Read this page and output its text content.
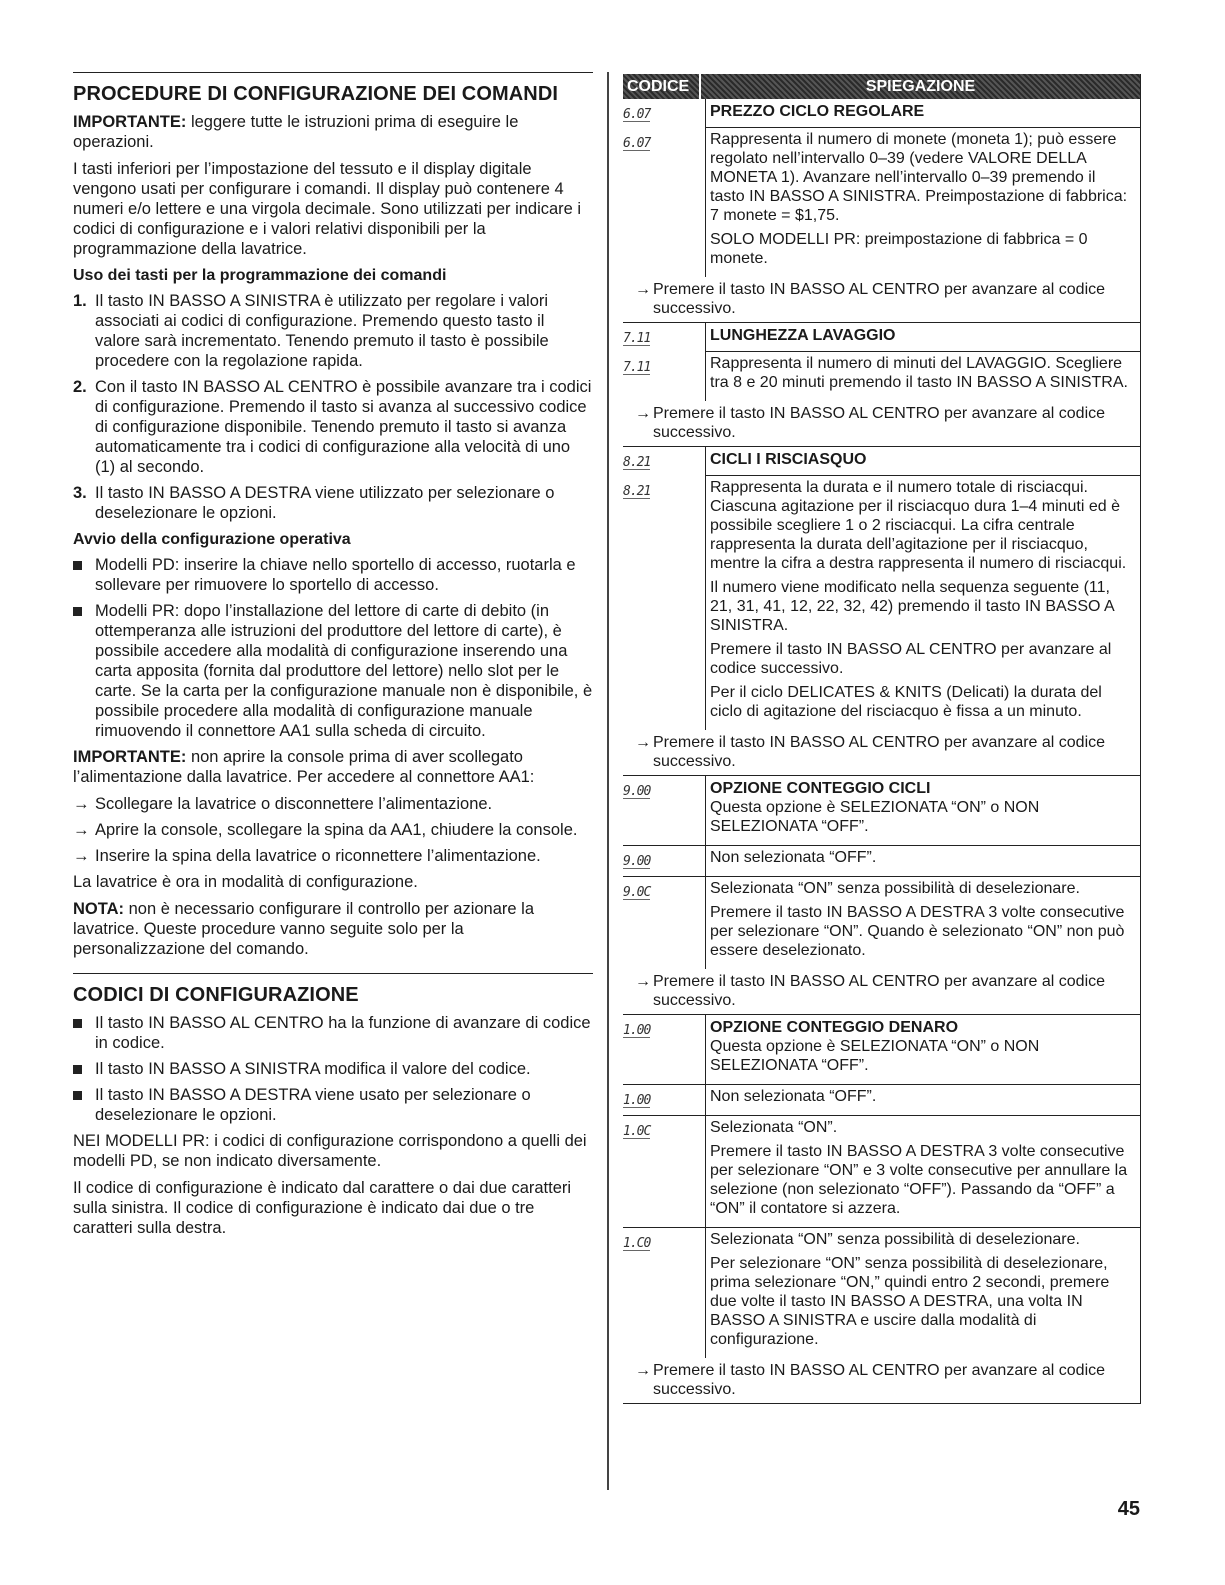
PROCEDURE DI CONFIGURAZIONE DEI COMANDI

IMPORTANTE: leggere tutte le istruzioni prima di eseguire le operazioni.

I tasti inferiori per l’impostazione del tessuto e il display digitale vengono usati per configurare i comandi. Il display può contenere 4 numeri e/o lettere e una virgola decimale. Sono utilizzati per indicare i codici di configurazione e i valori relativi disponibili per la programmazione della lavatrice.

Uso dei tasti per la programmazione dei comandi
1. Il tasto IN BASSO A SINISTRA è utilizzato per regolare i valori associati ai codici di configurazione. Premendo questo tasto il valore sarà incrementato. Tenendo premuto il tasto è possibile procedere con la regolazione rapida.
2. Con il tasto IN BASSO AL CENTRO è possibile avanzare tra i codici di configurazione. Premendo il tasto si avanza al successivo codice di configurazione disponibile. Tenendo premuto il tasto si avanza automaticamente tra i codici di configurazione alla velocità di uno (1) al secondo.
3. Il tasto IN BASSO A DESTRA viene utilizzato per selezionare o deselezionare le opzioni.
Avvio della configurazione operativa
Modelli PD: inserire la chiave nello sportello di accesso, ruotarla e sollevare per rimuovere lo sportello di accesso.
Modelli PR: dopo l’installazione del lettore di carte di debito (in ottemperanza alle istruzioni del produttore del lettore di carte), è possibile accedere alla modalità di configurazione inserendo una carta apposita (fornita dal produttore del lettore) nello slot per le carte. Se la carta per la configurazione manuale non è disponibile, è possibile procedere alla modalità di configurazione manuale rimuovendo il connettore AA1 sulla scheda di circuito.

IMPORTANTE: non aprire la console prima di aver scollegato l’alimentazione dalla lavatrice. Per accedere al connettore AA1:

→ Scollegare la lavatrice o disconnettere l’alimentazione.
→ Aprire la console, scollegare la spina da AA1, chiudere la console.
→ Inserire la spina della lavatrice o riconnettere l’alimentazione.

La lavatrice è ora in modalità di configurazione.

NOTA: non è necessario configurare il controllo per azionare la lavatrice. Queste procedure vanno seguite solo per la personalizzazione del comando.

CODICI DI CONFIGURAZIONE
Il tasto IN BASSO AL CENTRO ha la funzione di avanzare di codice in codice.
Il tasto IN BASSO A SINISTRA modifica il valore del codice.
Il tasto IN BASSO A DESTRA viene usato per selezionare o deselezionare le opzioni.

NEI MODELLI PR: i codici di configurazione corrispondono a quelli dei modelli PD, se non indicato diversamente.

Il codice di configurazione è indicato dal carattere o dai due caratteri sulla sinistra. Il codice di configurazione è indicato dai due o tre caratteri sulla destra.

CODICE	SPIEGAZIONE
6.07	PREZZO CICLO REGOLARE
6.07	Rappresenta il numero di monete (moneta 1); può essere regolato nell’intervallo 0–39 (vedere VALORE DELLA MONETA 1). Avanzare nell’intervallo 0–39 premendo il tasto IN BASSO A SINISTRA. Preimpostazione di fabbrica: 7 monete = $1,75.

SOLO MODELLI PR: preimpostazione di fabbrica = 0 monete.

→ Premere il tasto IN BASSO AL CENTRO per avanzare al codice successivo.
7.11	LUNGHEZZA LAVAGGIO
7.11	Rappresenta il numero di minuti del LAVAGGIO. Scegliere tra 8 e 20 minuti premendo il tasto IN BASSO A SINISTRA.

→ Premere il tasto IN BASSO AL CENTRO per avanzare al codice successivo.
8.21	CICLI I RISCIASQUO
8.21	Rappresenta la durata e il numero totale di risciacqui. Ciascuna agitazione per il risciacquo dura 1–4 minuti ed è possibile scegliere 1 o 2 risciacqui. La cifra centrale rappresenta la durata dell’agitazione per il risciacquo, mentre la cifra a destra rappresenta il numero di risciacqui.

Il numero viene modificato nella sequenza seguente (11, 21, 31, 41, 12, 22, 32, 42) premendo il tasto IN BASSO A SINISTRA.

Premere il tasto IN BASSO AL CENTRO per avanzare al codice successivo.

Per il ciclo DELICATES & KNITS (Delicati) la durata del ciclo di agitazione del risciacquo è fissa a un minuto.

→ Premere il tasto IN BASSO AL CENTRO per avanzare al codice successivo.
9.00	OPZIONE CONTEGGIO CICLI

Questa opzione è SELEZIONATA “ON” o NON SELEZIONATA “OFF”.

9.00	Non selezionata “OFF”.

9.0C	Selezionata “ON” senza possibilità di deselezionare.

Premere il tasto IN BASSO A DESTRA 3 volte consecutive per selezionare “ON”. Quando è selezionato “ON” non può essere deselezionato.

→ Premere il tasto IN BASSO AL CENTRO per avanzare al codice successivo.
1.00	OPZIONE CONTEGGIO DENARO

Questa opzione è SELEZIONATA “ON” o NON SELEZIONATA “OFF”.

1.00	Non selezionata “OFF”.

1.0C	Selezionata “ON”.

Premere il tasto IN BASSO A DESTRA 3 volte consecutive per selezionare “ON” e 3 volte consecutive per annullare la selezione (non selezionato “OFF”). Passando da “OFF” a “ON” il contatore si azzera.

1.C0	Selezionata “ON” senza possibilità di deselezionare.

Per selezionare “ON” senza possibilità di deselezionare, prima selezionare “ON,” quindi entro 2 secondi, premere due volte il tasto IN BASSO A DESTRA, una volta IN BASSO A SINISTRA e uscire dalla modalità di configurazione.

→ Premere il tasto IN BASSO AL CENTRO per avanzare al codice successivo.
45
